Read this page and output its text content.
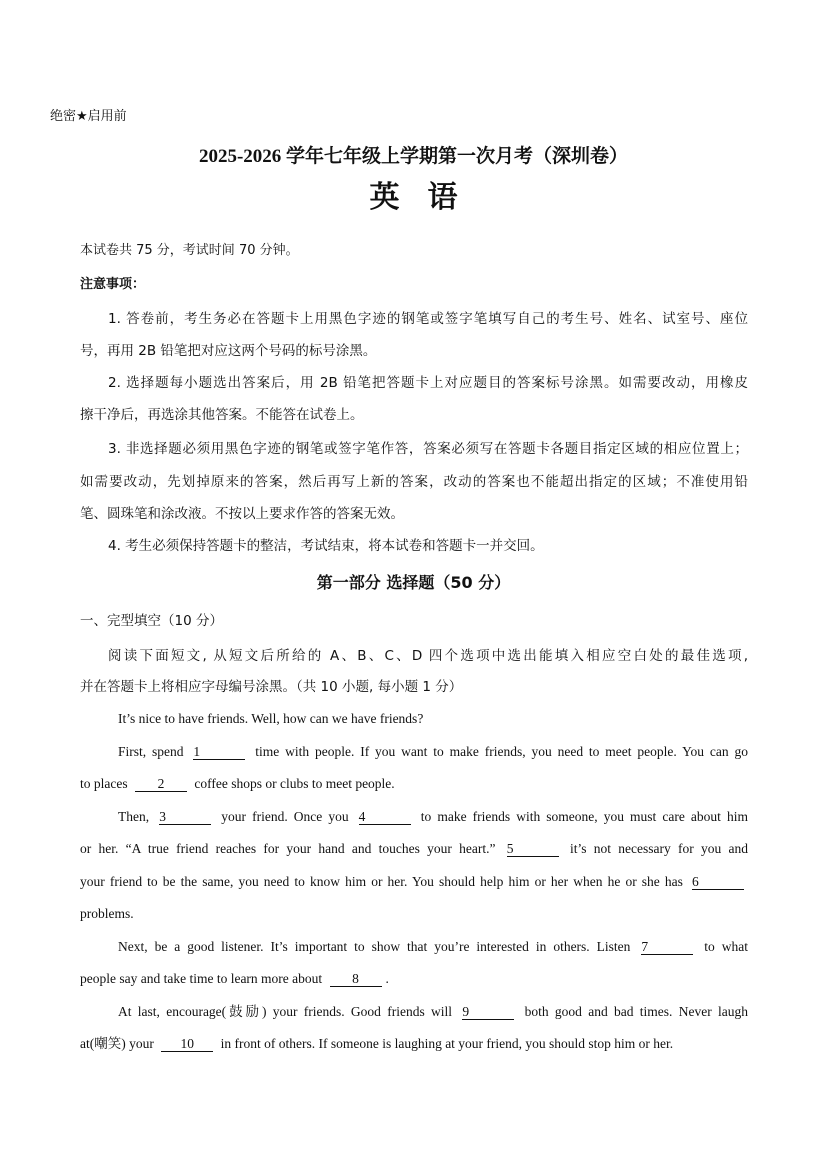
绝密★启用前
2025-2026 学年七年级上学期第一次月考（深圳卷）
英语
本试卷共 75 分，考试时间 70 分钟。
注意事项：
1. 答卷前，考生务必在答题卡上用黑色字迹的钢笔或签字笔填写自己的考生号、姓名、试室号、座位
号，再用 2B 铅笔把对应这两个号码的标号涂黑。
2. 选择题每小题选出答案后，用 2B 铅笔把答题卡上对应题目的答案标号涂黑。如需要改动，用橡皮
擦干净后，再选涂其他答案。不能答在试卷上。
3. 非选择题必须用黑色字迹的钢笔或签字笔作答，答案必须写在答题卡各题目指定区域的相应位置上；
如需要改动，先划掉原来的答案，然后再写上新的答案，改动的答案也不能超出指定的区域；不准使用铅
笔、圆珠笔和涂改液。不按以上要求作答的答案无效。
4. 考生必须保持答题卡的整洁，考试结束，将本试卷和答题卡一并交回。
第一部分 选择题（50 分）
一、完型填空（10 分）
阅读下面短文, 从短文后所给的 A、B、C、D 四个选项中选出能填入相应空白处的最佳选项,
并在答题卡上将相应字母编号涂黑。（共 10 小题, 每小题 1 分）
It’s nice to have friends. Well, how can we have friends?
First, spend 1	time with people. If you want to make friends, you need to meet people. You can go
to places 2 coffee shops or clubs to meet people.
Then, 3	your friend. Once you 4	to make friends with someone, you must care about him
or her. “A true friend reaches for your hand and touches your heart.” 5	it’s not necessary for you and
your friend to be the same, you need to know him or her. You should help him or her when he or she has 6
problems.
Next, be a good listener. It’s important to show that you’re interested in others. Listen 7	to what
people say and take time to learn more about 8 .
At last, encourage(鼓励) your friends. Good friends will 9	both good and bad times. Never laugh
at(嘲笑) your 10 in front of others. If someone is laughing at your friend, you should stop him or her.
